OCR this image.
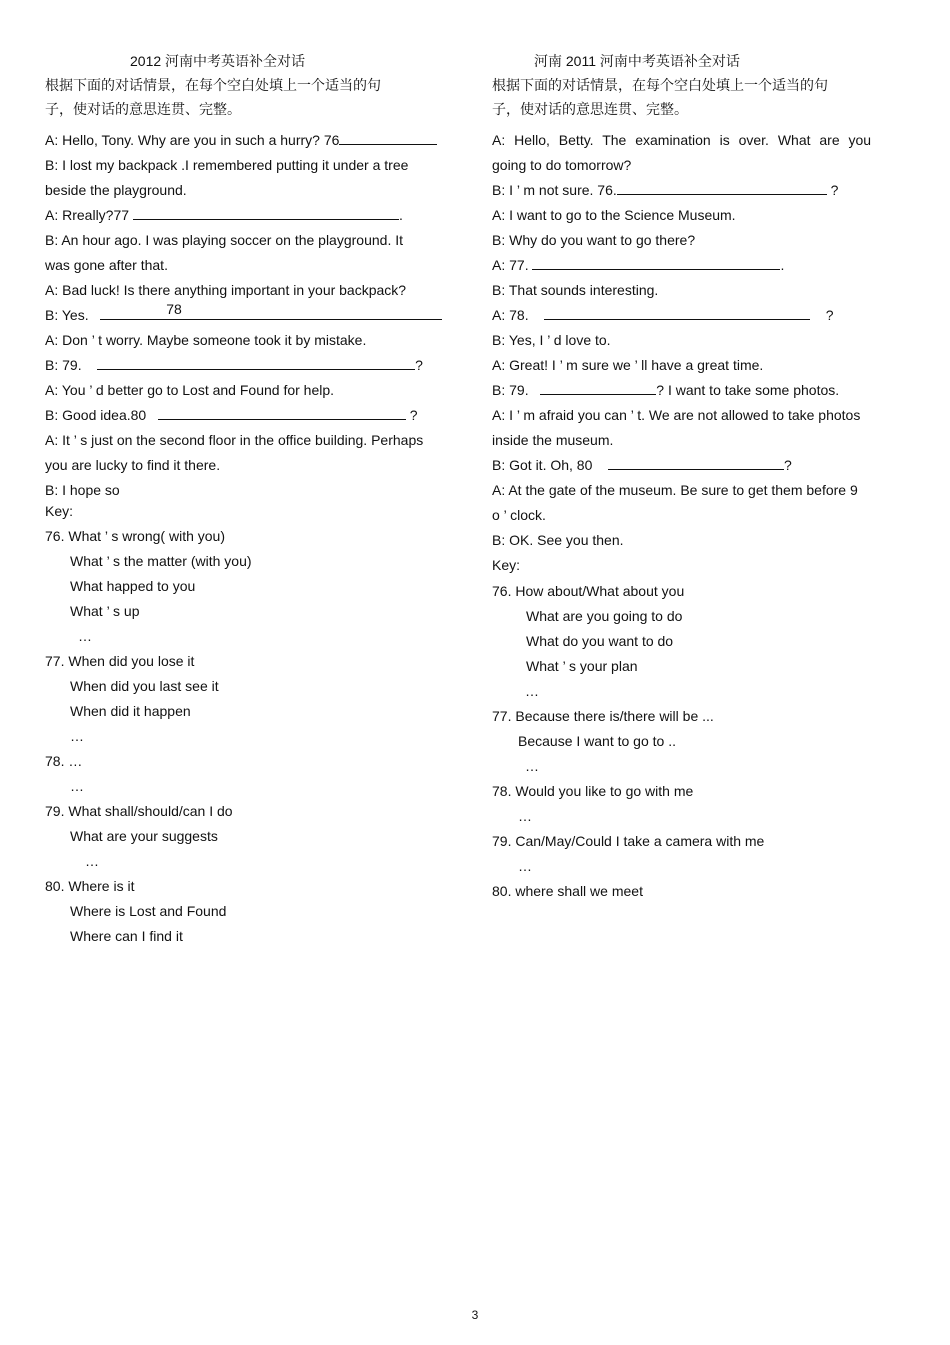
2012 河南中考英语补全对话
根据下面的对话情景，在每个空白处填上一个适当的句
子，使对话的意思连贯、完整。
A: Hello, Tony. Why are you in such a hurry? 76
B: I lost my backpack .I remembered putting it under a tree
beside the playground.
A: Rreally?77	.
B: An hour ago. I was playing soccer on the playground. It
was gone after that.
A: Bad luck! Is there anything important in your backpack?
B: Yes.	78
A: Don ’ t worry. Maybe someone took it by mistake.
B: 79.	?
A: You ’ d better go to Lost and Found for help.
B: Good idea.80	?
A: It ’ s just on the second floor in the office building. Perhaps
you are lucky to find it there.
B: I hope so
Key:
76. What ’ s wrong( with you)
What ’ s the matter (with you)
What happed to you
What ’ s up
…
77. When did you lose it
When did you last see it
When did it happen
…
78. …
…
79. What shall/should/can I do
What are your suggests
…
80. Where is it
Where is Lost and Found
Where can I find it
河南 2011 河南中考英语补全对话
根据下面的对话情景，在每个空白处填上一个适当的句
子，使对话的意思连贯、完整。
A: Hello, Betty. The examination is over. What are you
going to do tomorrow?
B: I ’ m not sure. 76.	?
A: I want to go to the Science Museum.
B: Why do you want to go there?
A: 77.	.
B: That sounds interesting.
A: 78.	?
B: Yes, I ’ d love to.
A: Great! I ’ m sure we ’ ll have a great time.
B: 79.	? I want to take some photos.
A: I ’ m afraid you can ’ t. We are not allowed to take photos
inside the museum.
B: Got it. Oh, 80	?
A: At the gate of the museum. Be sure to get them before 9
o ’ clock.
B: OK. See you then.
Key:
76. How about/What about you
What are you going to do
What do you want to do
What ’ s your plan
…
77. Because there is/there will be ...
Because I want to go to ..
…
78. Would you like to go with me
…
79. Can/May/Could I take a camera with me
…
80. where shall we meet
3
